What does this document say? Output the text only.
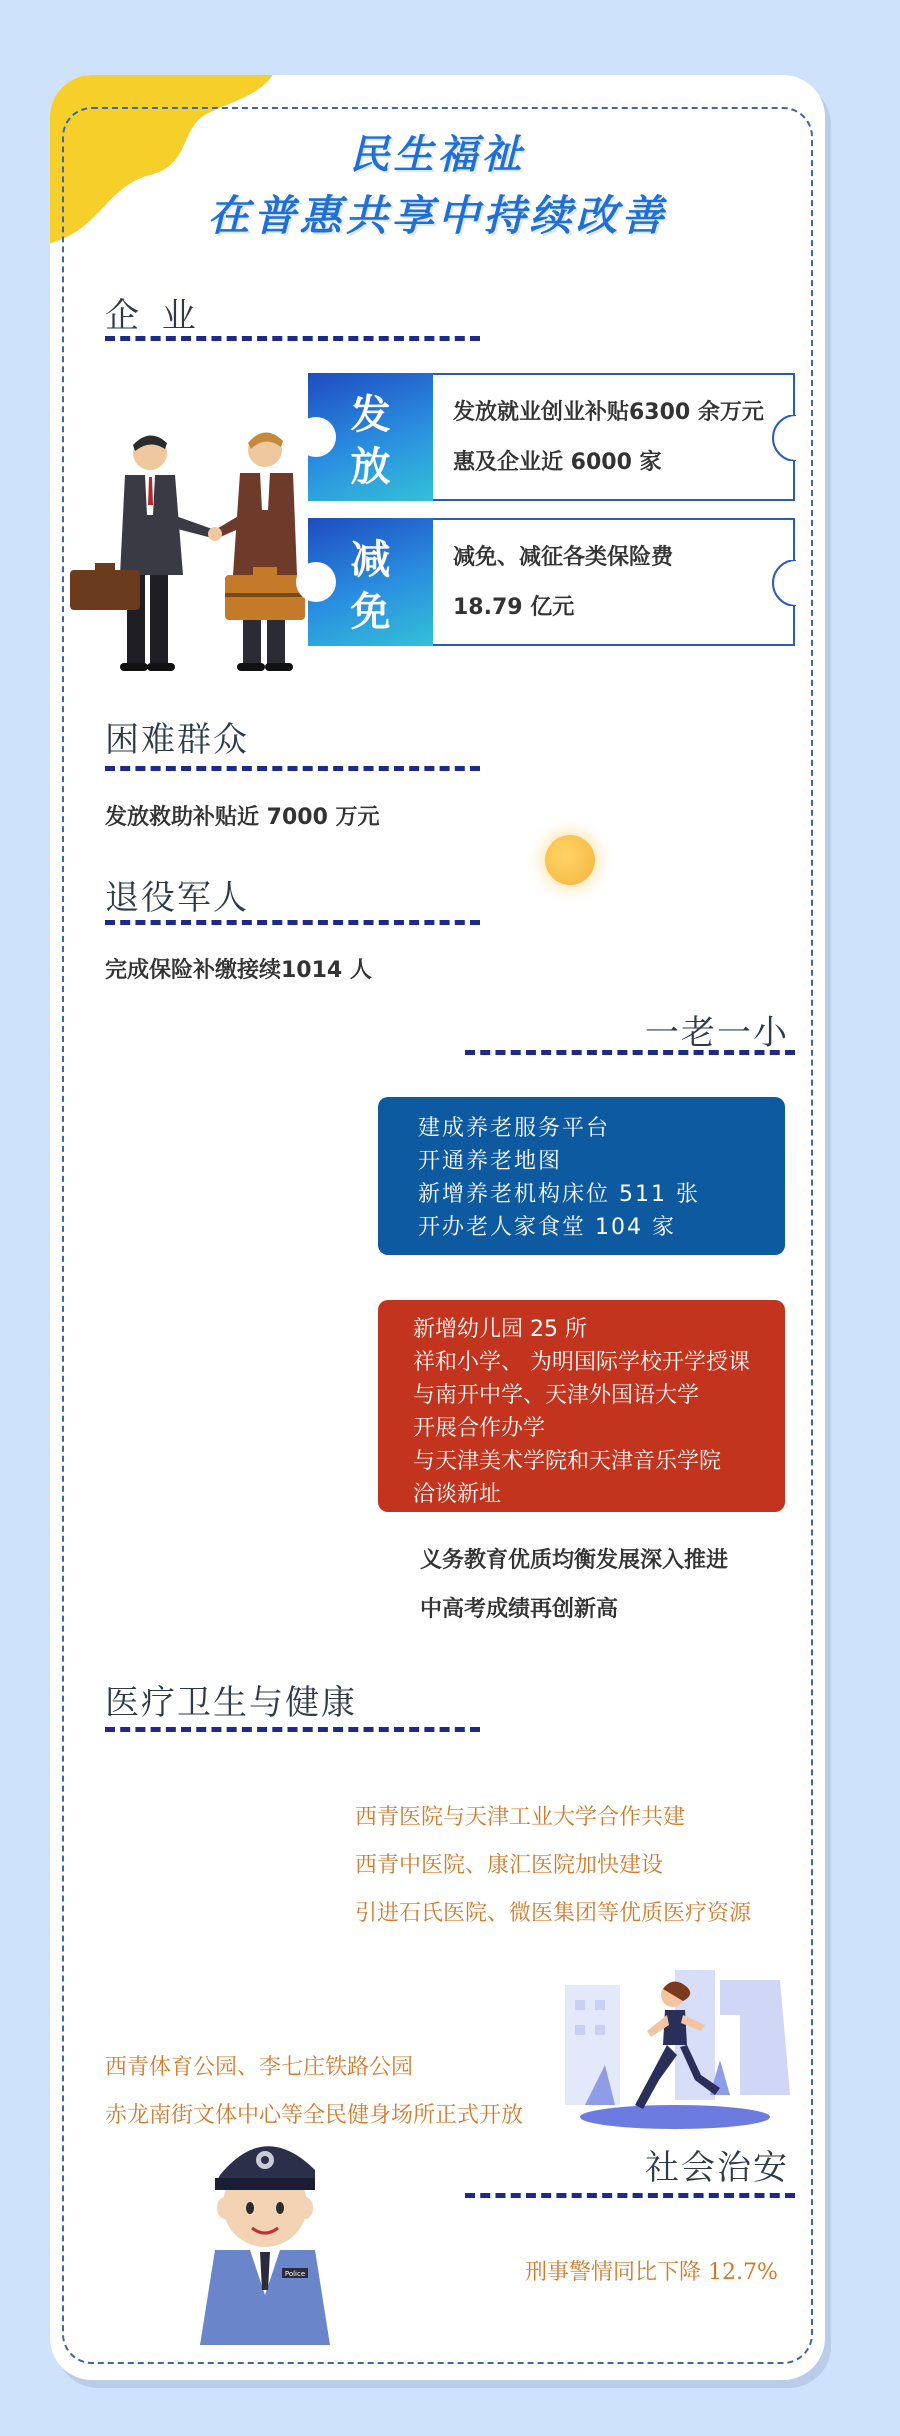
民生福祉
在普惠共享中持续改善
企 业
发
放
发放就业创业补贴6300 余万元
惠及企业近 6000 家
减
免
减免、减征各类保险费
18.79 亿元
困难群众
发放救助补贴近 7000 万元
退役军人
完成保险补缴接续1014 人
一老一小
建成养老服务平台
开通养老地图
新增养老机构床位 511 张
开办老人家食堂 104 家
新增幼儿园 25 所
祥和小学、 为明国际学校开学授课
与南开中学、天津外国语大学
开展合作办学
与天津美术学院和天津音乐学院
洽谈新址
义务教育优质均衡发展深入推进
中高考成绩再创新高
医疗卫生与健康
西青医院与天津工业大学合作共建
西青中医院、康汇医院加快建设
引进石氏医院、微医集团等优质医疗资源
西青体育公园、李七庄铁路公园
赤龙南街文体中心等全民健身场所正式开放
社会治安
刑事警情同比下降 12.7%
Police
